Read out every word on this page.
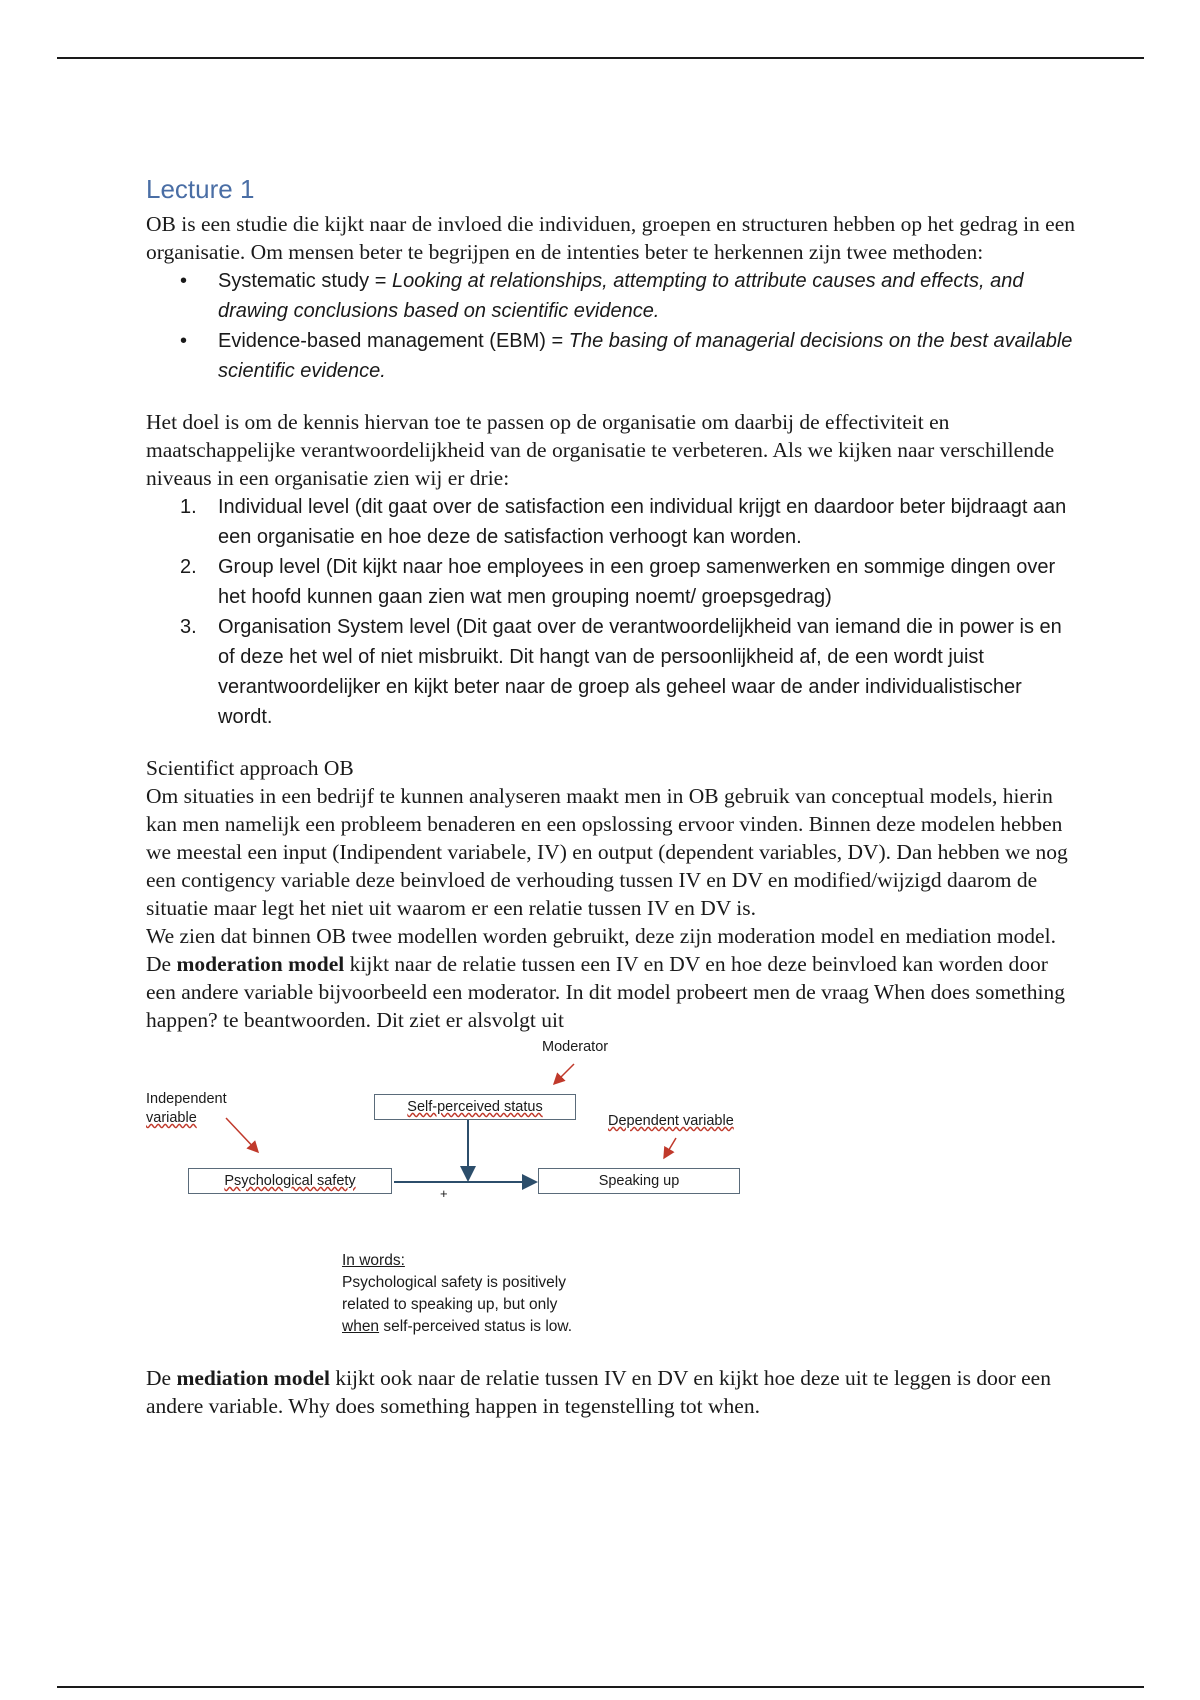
Lecture 1

OB is een studie die kijkt naar de invloed die individuen, groepen en structuren hebben op het gedrag in een organisatie. Om mensen beter te begrijpen en de intenties beter te herkennen zijn twee methoden:

• Systematic study = Looking at relationships, attempting to attribute causes and effects, and drawing conclusions based on scientific evidence.
• Evidence-based management (EBM) = The basing of managerial decisions on the best available scientific evidence.

Het doel is om de kennis hiervan toe te passen op de organisatie om daarbij de effectiviteit en maatschappelijke verantwoordelijkheid van de organisatie te verbeteren. Als we kijken naar verschillende niveaus in een organisatie zien wij er drie:

1. Individual level (dit gaat over de satisfaction een individual krijgt en daardoor beter bijdraagt aan een organisatie en hoe deze de satisfaction verhoogt kan worden.
2. Group level (Dit kijkt naar hoe employees in een groep samenwerken en sommige dingen over het hoofd kunnen gaan zien wat men grouping noemt/ groepsgedrag)
3. Organisation System level (Dit gaat over de verantwoordelijkheid van iemand die in power is en of deze het wel of niet misbruikt. Dit hangt van de persoonlijkheid af, de een wordt juist verantwoordelijker en kijkt beter naar de groep als geheel waar de ander individualistischer wordt.

Scientifict approach OB

Om situaties in een bedrijf te kunnen analyseren maakt men in OB gebruik van conceptual models, hierin kan men namelijk een probleem benaderen en een opslossing ervoor vinden. Binnen deze modelen hebben we meestal een input (Indipendent variabele, IV) en output (dependent variables, DV). Dan hebben we nog een contigency variable deze beinvloed de verhouding tussen IV en DV en modified/wijzigd daarom de situatie maar legt het niet uit waarom er een relatie tussen IV en DV is.

We zien dat binnen OB twee modellen worden gebruikt, deze zijn moderation model en mediation model.

De moderation model kijkt naar de relatie tussen een IV en DV en hoe deze beinvloed kan worden door een andere variable bijvoorbeeld een moderator. In dit model probeert men de vraag When does something happen? te beantwoorden. Dit ziet er alsvolgt uit

Moderator
Independent
variable	Dependent variable
Self-perceived status
Psychological safety	Speaking up
+
In words:
Psychological safety is positively
related to speaking up, but only
when self-perceived status is low.

De mediation model kijkt ook naar de relatie tussen IV en DV en kijkt hoe deze uit te leggen is door een andere variable. Why does something happen in tegenstelling tot when.
